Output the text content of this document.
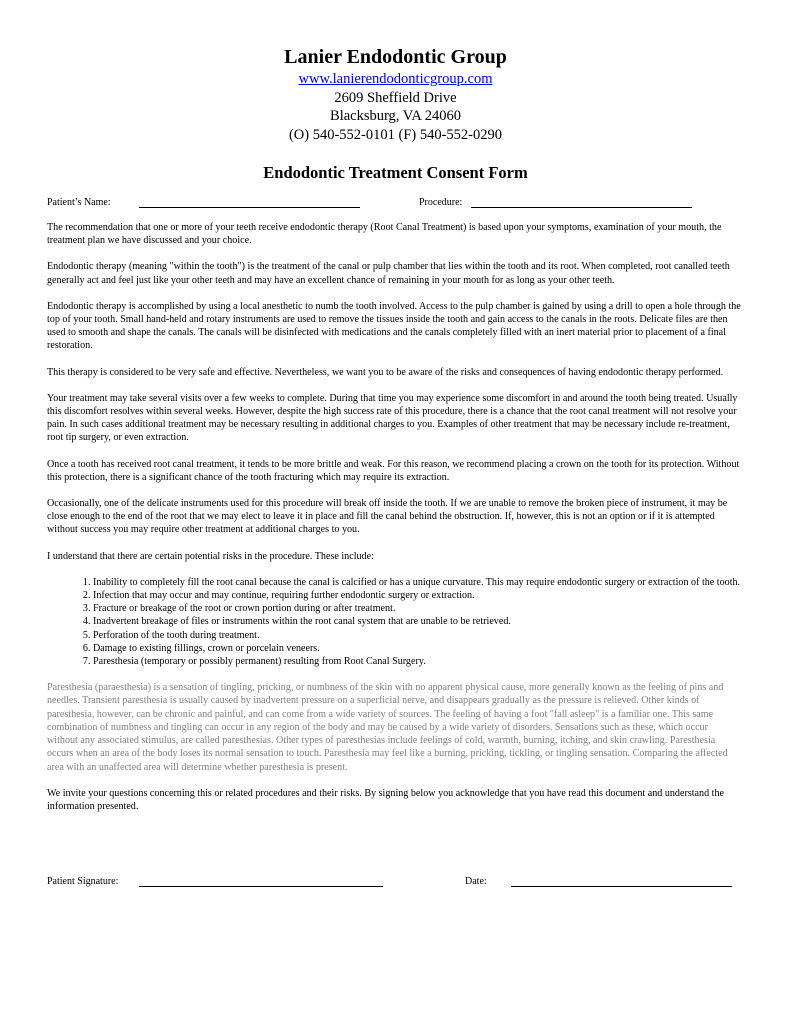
Lanier Endodontic Group
www.lanierendodonticgroup.com
2609 Sheffield Drive
Blacksburg, VA 24060
(O) 540-552-0101 (F) 540-552-0290
Endodontic Treatment Consent Form
Patient’s Name:	Procedure:

The recommendation that one or more of your teeth receive endodontic therapy (Root Canal Treatment) is based upon your symptoms, examination of your mouth, the treatment plan we have discussed and your choice.

Endodontic therapy (meaning "within the tooth") is the treatment of the canal or pulp chamber that lies within the tooth and its root. When completed, root canalled teeth generally act and feel just like your other teeth and may have an excellent chance of remaining in your mouth for as long as your other teeth.

Endodontic therapy is accomplished by using a local anesthetic to numb the tooth involved. Access to the pulp chamber is gained by using a drill to open a hole through the top of your tooth. Small hand-held and rotary instruments are used to remove the tissues inside the tooth and gain access to the canals in the roots. Delicate files are then used to smooth and shape the canals. The canals will be disinfected with medications and the canals completely filled with an inert material prior to placement of a final restoration.

This therapy is considered to be very safe and effective. Nevertheless, we want you to be aware of the risks and consequences of having endodontic therapy performed.

Your treatment may take several visits over a few weeks to complete. During that time you may experience some discomfort in and around the tooth being treated. Usually this discomfort resolves within several weeks. However, despite the high success rate of this procedure, there is a chance that the root canal treatment will not resolve your pain. In such cases additional treatment may be necessary resulting in additional charges to you. Examples of other treatment that may be necessary include re-treatment, root tip surgery, or even extraction.

Once a tooth has received root canal treatment, it tends to be more brittle and weak. For this reason, we recommend placing a crown on the tooth for its protection. Without this protection, there is a significant chance of the tooth fracturing which may require its extraction.

Occasionally, one of the delicate instruments used for this procedure will break off inside the tooth. If we are unable to remove the broken piece of instrument, it may be close enough to the end of the root that we may elect to leave it in place and fill the canal behind the obstruction. If, however, this is not an option or if it is attempted without success you may require other treatment at additional charges to you.

I understand that there are certain potential risks in the procedure. These include:

1. Inability to completely fill the root canal because the canal is calcified or has a unique curvature. This may require endodontic surgery or extraction of the tooth.
2. Infection that may occur and may continue, requiring further endodontic surgery or extraction.
3. Fracture or breakage of the root or crown portion during or after treatment.
4. Inadvertent breakage of files or instruments within the root canal system that are unable to be retrieved.
5. Perforation of the tooth during treatment.
6. Damage to existing fillings, crown or porcelain veneers.
7. Paresthesia (temporary or possibly permanent) resulting from Root Canal Surgery.

Paresthesia (paraesthesia) is a sensation of tingling, pricking, or numbness of the skin with no apparent physical cause, more generally known as the feeling of pins and needles. Transient paresthesia is usually caused by inadvertent pressure on a superficial nerve, and disappears gradually as the pressure is relieved. Other kinds of paresthesia, however, can be chronic and painful, and can come from a wide variety of sources. The feeling of having a foot "fall asleep" is a familiar one. This same combination of numbness and tingling can occur in any region of the body and may be caused by a wide variety of disorders. Sensations such as these, which occur without any associated stimulus, are called paresthesias. Other types of paresthesias include feelings of cold, warmth, burning, itching, and skin crawling. Paresthesia occurs when an area of the body loses its normal sensation to touch. Paresthesia may feel like a burning, pricking, tickling, or tingling sensation. Comparing the affected area with an unaffected area will determine whether paresthesia is present.

We invite your questions concerning this or related procedures and their risks. By signing below you acknowledge that you have read this document and understand the information presented.

Patient Signature:	Date:
